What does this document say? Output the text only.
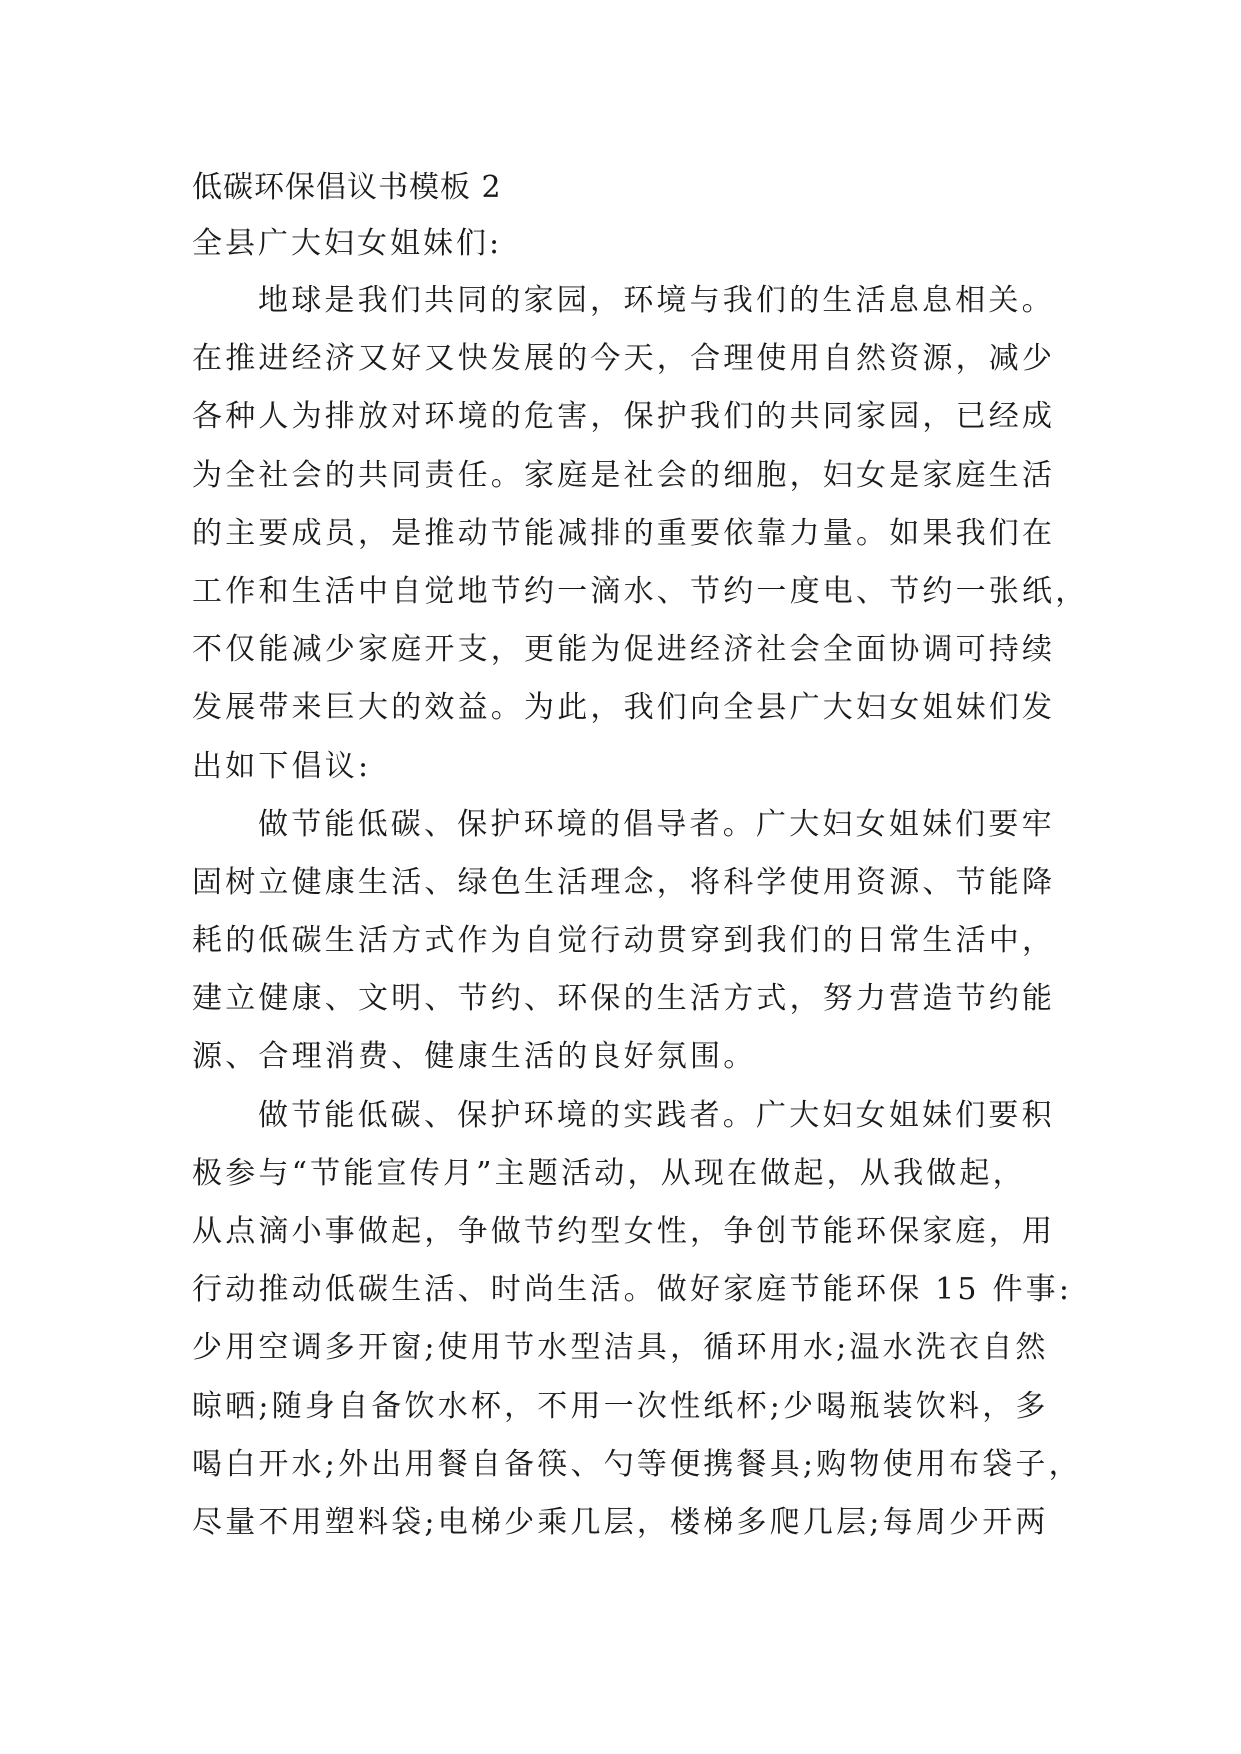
低碳环保倡议书模板 2
全县广大妇女姐妹们:
地球是我们共同的家园，环境与我们的生活息息相关。
在推进经济又好又快发展的今天，合理使用自然资源，减少
各种人为排放对环境的危害，保护我们的共同家园，已经成
为全社会的共同责任。家庭是社会的细胞，妇女是家庭生活
的主要成员，是推动节能减排的重要依靠力量。如果我们在
工作和生活中自觉地节约一滴水、节约一度电、节约一张纸，
不仅能减少家庭开支，更能为促进经济社会全面协调可持续
发展带来巨大的效益。为此，我们向全县广大妇女姐妹们发
出如下倡议:
做节能低碳、保护环境的倡导者。广大妇女姐妹们要牢
固树立健康生活、绿色生活理念，将科学使用资源、节能降
耗的低碳生活方式作为自觉行动贯穿到我们的日常生活中，
建立健康、文明、节约、环保的生活方式，努力营造节约能
源、合理消费、健康生活的良好氛围。
做节能低碳、保护环境的实践者。广大妇女姐妹们要积
极参与“节能宣传月”主题活动，从现在做起，从我做起，
从点滴小事做起，争做节约型女性，争创节能环保家庭，用
行动推动低碳生活、时尚生活。做好家庭节能环保 15 件事:
少用空调多开窗;使用节水型洁具，循环用水;温水洗衣自然
晾晒;随身自备饮水杯，不用一次性纸杯;少喝瓶装饮料，多
喝白开水;外出用餐自备筷、勺等便携餐具;购物使用布袋子，
尽量不用塑料袋;电梯少乘几层，楼梯多爬几层;每周少开两
